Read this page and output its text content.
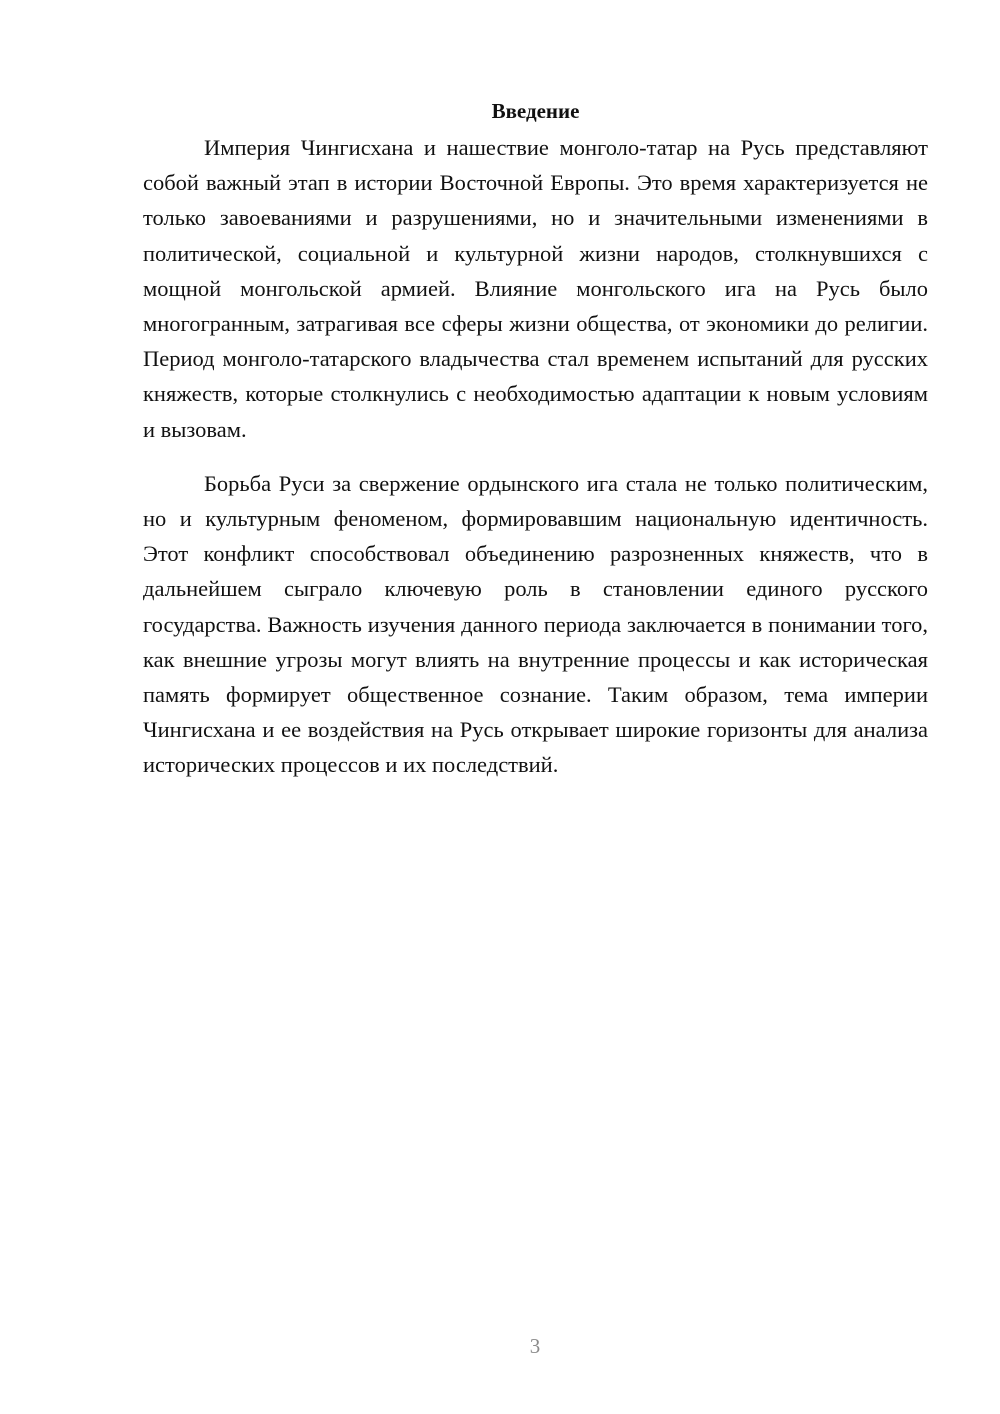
Введение

Империя Чингисхана и нашествие монголо-татар на Русь представляют собой важный этап в истории Восточной Европы. Это время характеризуется не только завоеваниями и разрушениями, но и значительными изменениями в политической, социальной и культурной жизни народов, столкнувшихся с мощной монгольской армией. Влияние монгольского ига на Русь было многогранным, затрагивая все сферы жизни общества, от экономики до религии. Период монголо-татарского владычества стал временем испытаний для русских княжеств, которые столкнулись с необходимостью адаптации к новым условиям и вызовам.

Борьба Руси за свержение ордынского ига стала не только политическим, но и культурным феноменом, формировавшим национальную идентичность. Этот конфликт способствовал объединению разрозненных княжеств, что в дальнейшем сыграло ключевую роль в становлении единого русского государства. Важность изучения данного периода заключается в понимании того, как внешние угрозы могут влиять на внутренние процессы и как историческая память формирует общественное сознание. Таким образом, тема империи Чингисхана и ее воздействия на Русь открывает широкие горизонты для анализа исторических процессов и их последствий.

3
